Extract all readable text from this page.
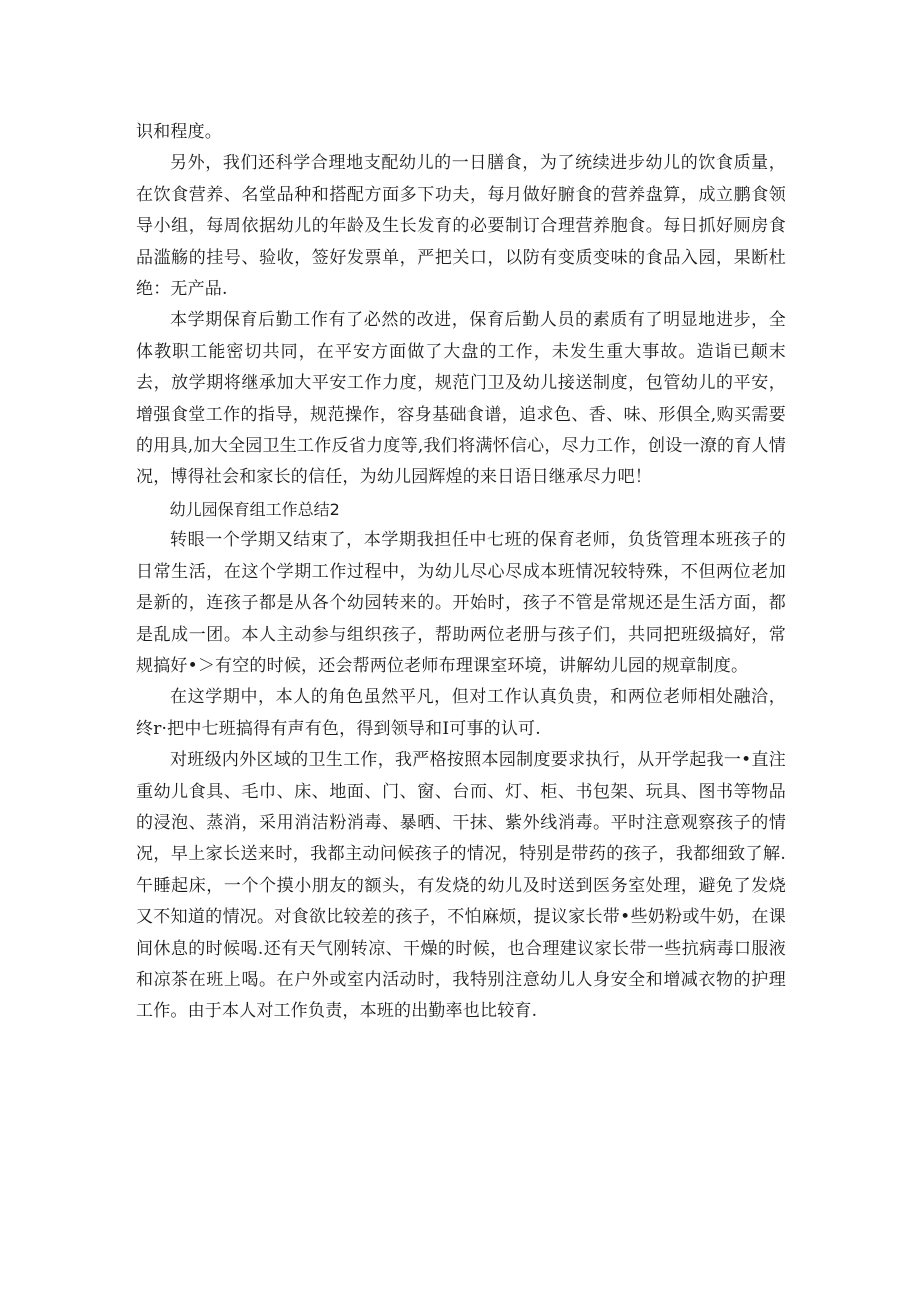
识和程度。

另外，我们还科学合理地支配幼儿的一日膳食，为了统续进步幼儿的饮食质量，在饮食营养、名堂品种和搭配方面多下功夫，每月做好腑食的营养盘算，成立鹏食领导小组，每周依据幼儿的年龄及生长发育的必要制订合理营养胞食。每日抓好厕房食品滥觞的挂号、验收，签好发票单，严把关口，以防有变质变味的食品入园，果断杜绝：无产品.

本学期保育后勤工作有了必然的改进，保育后勤人员的素质有了明显地进步，全体教职工能密切共同，在平安方面做了大盘的工作，未发生重大事故。造诣已颠末去，放学期将继承加大平安工作力度，规范门卫及幼儿接送制度，包管幼儿的平安，增强食堂工作的指导，规范操作，容身基础食谱，追求色、香、味、形俱全,购买需要的用具,加大全园卫生工作反省力度等,我们将满怀信心，尽力工作，创设一潦的育人情况，博得社会和家长的信任，为幼儿园辉煌的来日语日继承尽力吧！

幼儿园保育组工作总结2

转眼一个学期又结束了，本学期我担任中七班的保育老师，负货管理本班孩子的日常生活，在这个学期工作过程中，为幼儿尽心尽成本班情况较特殊，不但两位老加是新的，连孩子都是从各个幼园转来的。开始时，孩子不管是常规还是生活方面，都是乱成一团。本人主动参与组织孩子，帮助两位老册与孩子们，共同把班级搞好，常规搞好•＞有空的时候，还会帮两位老师布理课室环境，讲解幼儿园的规章制度。

在这学期中，本人的角色虽然平凡，但对工作认真负贵，和两位老师相处融洽，终r·把中七班搞得有声有色，得到领导和I可事的认可.

对班级内外区域的卫生工作，我严格按照本园制度要求执行，从开学起我一•直注重幼儿食具、毛巾、床、地面、门、窗、台而、灯、柜、书包架、玩具、图书等物品的浸泡、蒸消，采用消洁粉消毒、暴晒、干抹、紫外线消毒。平时注意观察孩子的情况，早上家长送来时，我都主动问候孩子的情况，特别是带药的孩子，我都细致了解.午睡起床，一个个摸小朋友的额头，有发烧的幼儿及时送到医务室处理，避免了发烧又不知道的情况。对食欲比较差的孩子，不怕麻烦，提议家长带•些奶粉或牛奶，在课间休息的时候喝.还有天气刚转凉、干燥的时候，也合理建议家长带一些抗病毒口服液和凉茶在班上喝。在户外或室内活动时，我特别注意幼儿人身安全和增减衣物的护理工作。由于本人对工作负责，本班的出勤率也比较育.
